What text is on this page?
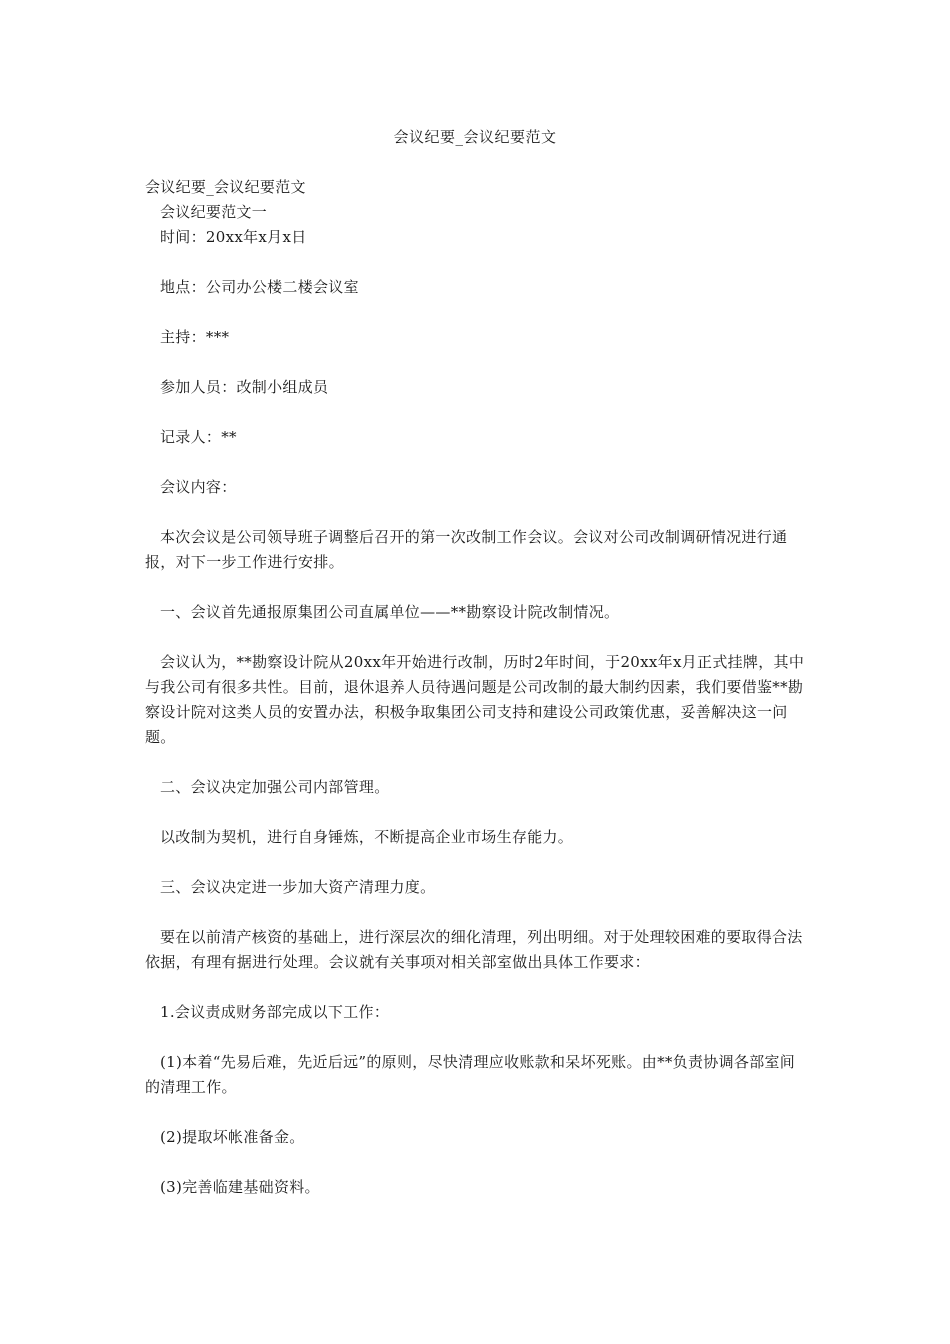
会议纪要_会议纪要范文

会议纪要_会议纪要范文

会议纪要范文一

时间：20xx年x月x日

地点：公司办公楼二楼会议室

主持：***

参加人员：改制小组成员

记录人：**

会议内容：

本次会议是公司领导班子调整后召开的第一次改制工作会议。会议对公司改制调研情况进行通报，对下一步工作进行安排。

一、会议首先通报原集团公司直属单位——**勘察设计院改制情况。

会议认为，**勘察设计院从20xx年开始进行改制，历时2年时间，于20xx年x月正式挂牌，其中与我公司有很多共性。目前，退休退养人员待遇问题是公司改制的最大制约因素，我们要借鉴**勘察设计院对这类人员的安置办法，积极争取集团公司支持和建设公司政策优惠，妥善解决这一问题。

二、会议决定加强公司内部管理。

以改制为契机，进行自身锤炼，不断提高企业市场生存能力。

三、会议决定进一步加大资产清理力度。

要在以前清产核资的基础上，进行深层次的细化清理，列出明细。对于处理较困难的要取得合法依据，有理有据进行处理。会议就有关事项对相关部室做出具体工作要求：

1.会议责成财务部完成以下工作：

(1)本着“先易后难，先近后远”的原则，尽快清理应收账款和呆坏死账。由**负责协调各部室间的清理工作。

(2)提取坏帐准备金。

(3)完善临建基础资料。
